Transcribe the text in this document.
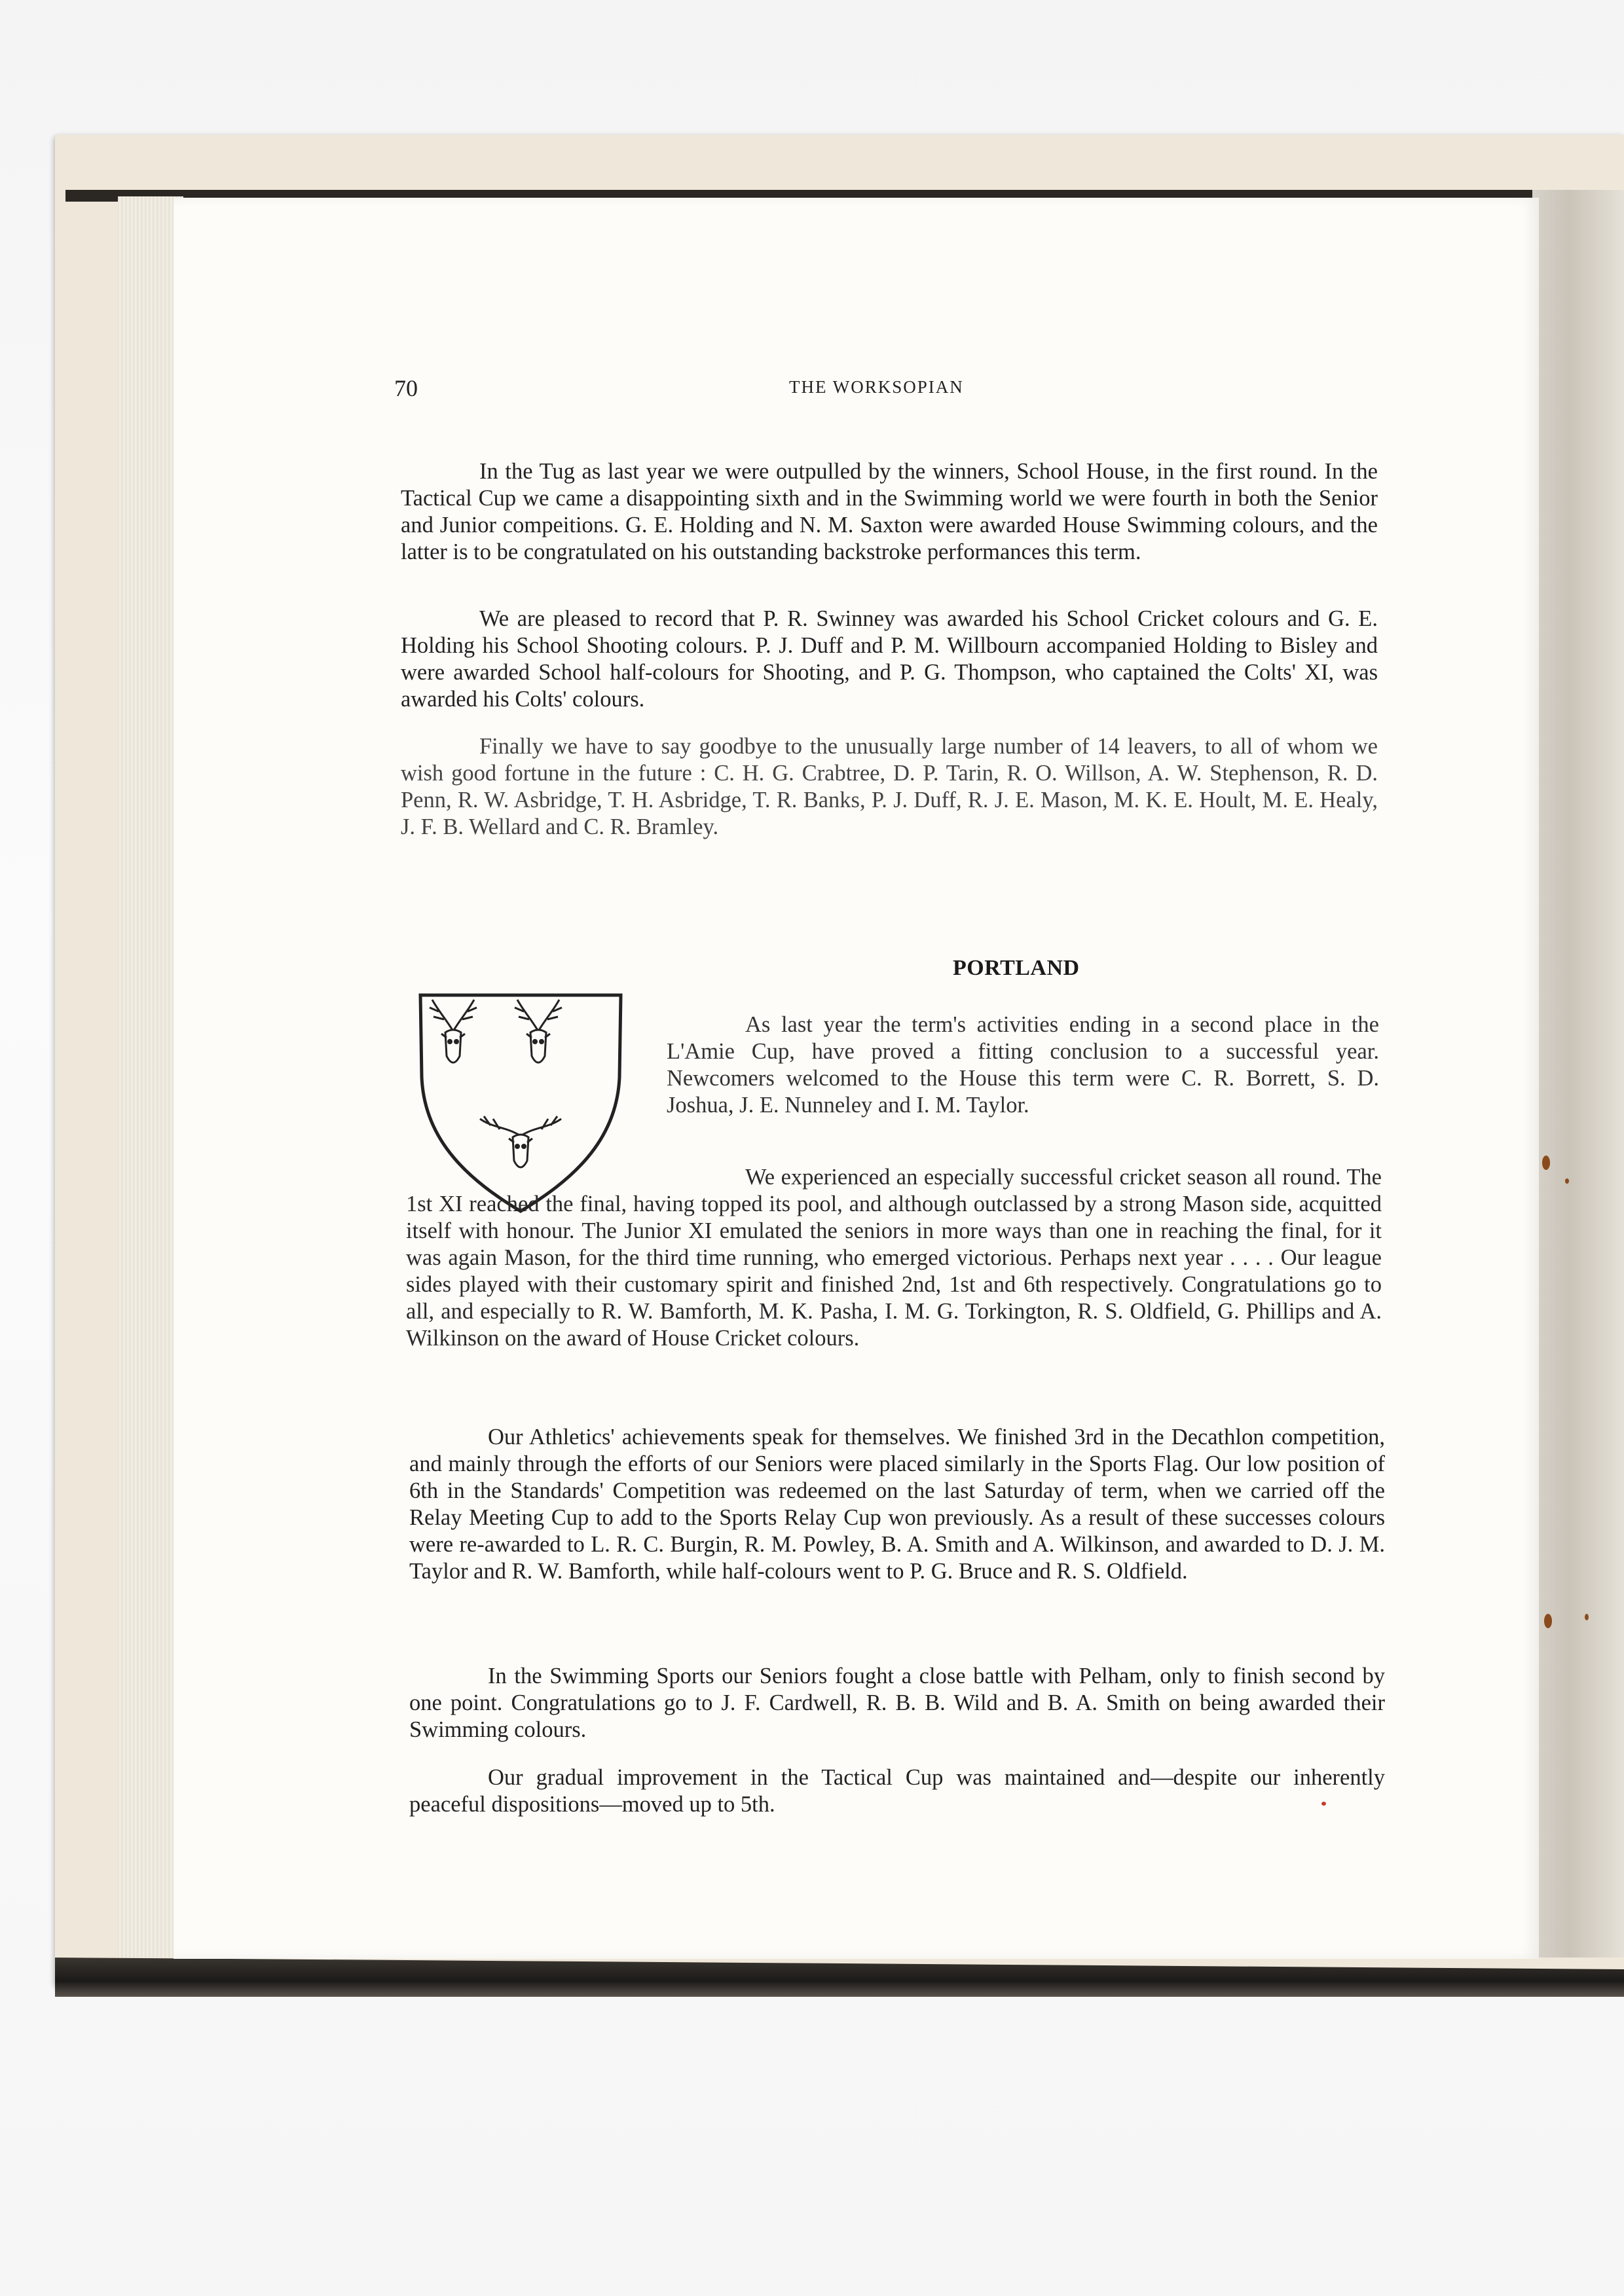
70	THE WORKSOPIAN

In the Tug as last year we were outpulled by the winners, School House, in the first round. In the Tactical Cup we came a disappointing sixth and in the Swimming world we were fourth in both the Senior and Junior compeitions. G. E. Holding and N. M. Saxton were awarded House Swimming colours, and the latter is to be congratulated on his outstanding backstroke performances this term.

We are pleased to record that P. R. Swinney was awarded his School Cricket colours and G. E. Holding his School Shooting colours. P. J. Duff and P. M. Willbourn accompanied Holding to Bisley and were awarded School half-colours for Shooting, and P. G. Thompson, who captained the Colts' XI, was awarded his Colts' colours.

Finally we have to say goodbye to the unusually large number of 14 leavers, to all of whom we wish good fortune in the future : C. H. G. Crabtree, D. P. Tarin, R. O. Willson, A. W. Stephenson, R. D. Penn, R. W. Asbridge, T. H. Asbridge, T. R. Banks, P. J. Duff, R. J. E. Mason, M. K. E. Hoult, M. E. Healy, J. F. B. Wellard and C. R. Bramley.

PORTLAND

As last year the term's activities ending in a second place in the L'Amie Cup, have proved a fitting conclusion to a successful year. Newcomers welcomed to the House this term were C. R. Borrett, S. D. Joshua, J. E. Nunneley and I. M. Taylor.

We experienced an especially successful cricket season all round. The 1st XI reached the final, having topped its pool, and although outclassed by a strong Mason side, acquitted itself with honour. The Junior XI emulated the seniors in more ways than one in reaching the final, for it was again Mason, for the third time running, who emerged victorious. Perhaps next year . . . . Our league sides played with their customary spirit and finished 2nd, 1st and 6th respectively. Congratulations go to all, and especially to R. W. Bamforth, M. K. Pasha, I. M. G. Torkington, R. S. Oldfield, G. Phillips and A. Wilkinson on the award of House Cricket colours.

Our Athletics' achievements speak for themselves. We finished 3rd in the Decathlon competition, and mainly through the efforts of our Seniors were placed similarly in the Sports Flag. Our low position of 6th in the Standards' Competition was redeemed on the last Saturday of term, when we carried off the Relay Meeting Cup to add to the Sports Relay Cup won previously. As a result of these successes colours were re-awarded to L. R. C. Burgin, R. M. Powley, B. A. Smith and A. Wilkinson, and awarded to D. J. M. Taylor and R. W. Bamforth, while half-colours went to P. G. Bruce and R. S. Oldfield.

In the Swimming Sports our Seniors fought a close battle with Pelham, only to finish second by one point. Congratulations go to J. F. Cardwell, R. B. B. Wild and B. A. Smith on being awarded their Swimming colours.

Our gradual improvement in the Tactical Cup was maintained and—despite our inherently peaceful dispositions—moved up to 5th.
